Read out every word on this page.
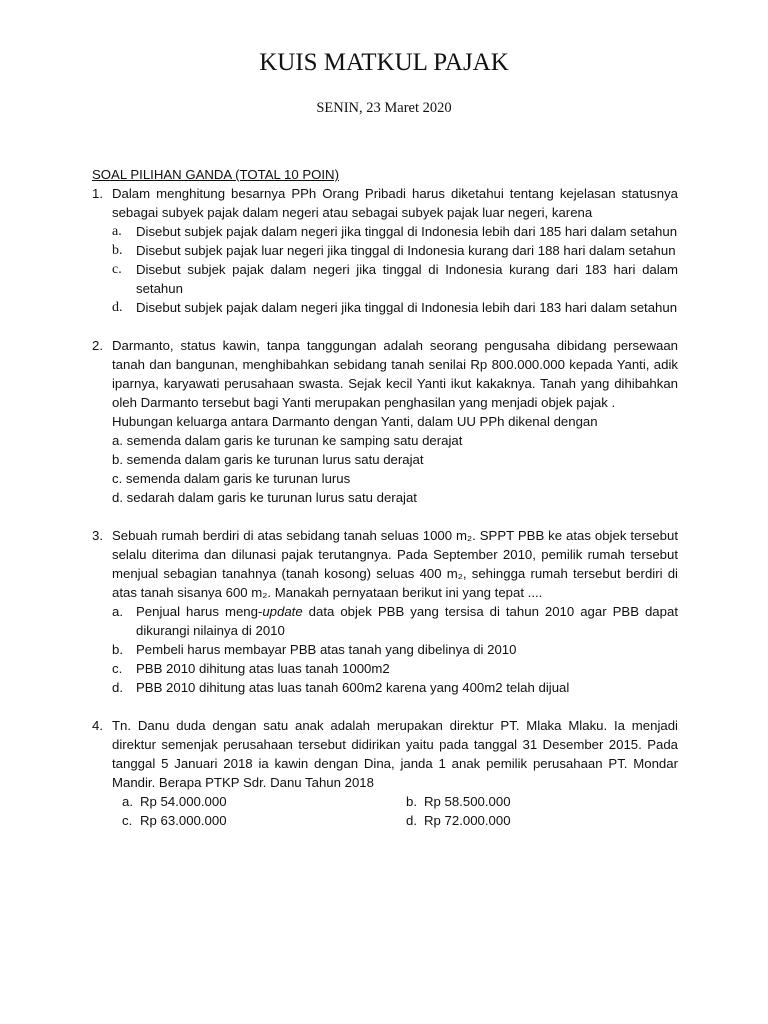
KUIS MATKUL PAJAK
SENIN, 23 Maret 2020
SOAL PILIHAN GANDA (TOTAL 10 POIN)
1. Dalam menghitung besarnya PPh Orang Pribadi harus diketahui tentang kejelasan statusnya sebagai subyek pajak dalam negeri atau sebagai subyek pajak luar negeri, karena
a. Disebut subjek pajak dalam negeri jika tinggal di Indonesia lebih dari 185 hari dalam setahun
b. Disebut subjek pajak luar negeri jika tinggal di Indonesia kurang dari 188 hari dalam setahun
c. Disebut subjek pajak dalam negeri jika tinggal di Indonesia kurang dari 183 hari dalam setahun
d. Disebut subjek pajak dalam negeri jika tinggal di Indonesia lebih dari 183 hari dalam setahun
2. Darmanto, status kawin, tanpa tanggungan adalah seorang pengusaha dibidang persewaan tanah dan bangunan, menghibahkan sebidang tanah senilai Rp 800.000.000 kepada Yanti, adik iparnya, karyawati perusahaan swasta. Sejak kecil Yanti ikut kakaknya. Tanah yang dihibahkan oleh Darmanto tersebut bagi Yanti merupakan penghasilan yang menjadi objek pajak .
Hubungan keluarga antara Darmanto dengan Yanti, dalam UU PPh dikenal dengan
a. semenda dalam garis ke turunan ke samping satu derajat
b. semenda dalam garis ke turunan lurus satu derajat
c. semenda dalam garis ke turunan lurus
d. sedarah dalam garis ke turunan lurus satu derajat
3. Sebuah rumah berdiri di atas sebidang tanah seluas 1000 m₂. SPPT PBB ke atas objek tersebut selalu diterima dan dilunasi pajak terutangnya. Pada September 2010, pemilik rumah tersebut menjual sebagian tanahnya (tanah kosong) seluas 400 m₂, sehingga rumah tersebut berdiri di atas tanah sisanya 600 m₂. Manakah pernyataan berikut ini yang tepat ....
a. Penjual harus meng-update data objek PBB yang tersisa di tahun 2010 agar PBB dapat dikurangi nilainya di 2010
b. Pembeli harus membayar PBB atas tanah yang dibelinya di 2010
c. PBB 2010 dihitung atas luas tanah 1000m2
d. PBB 2010 dihitung atas luas tanah 600m2 karena yang 400m2 telah dijual
4. Tn. Danu duda dengan satu anak adalah merupakan direktur PT. Mlaka Mlaku. Ia menjadi direktur semenjak perusahaan tersebut didirikan yaitu pada tanggal 31 Desember 2015. Pada tanggal 5 Januari 2018 ia kawin dengan Dina, janda 1 anak pemilik perusahaan PT. Mondar Mandir. Berapa PTKP Sdr. Danu Tahun 2018
a. Rp 54.000.000	b. Rp 58.500.000
c. Rp 63.000.000	d. Rp 72.000.000
